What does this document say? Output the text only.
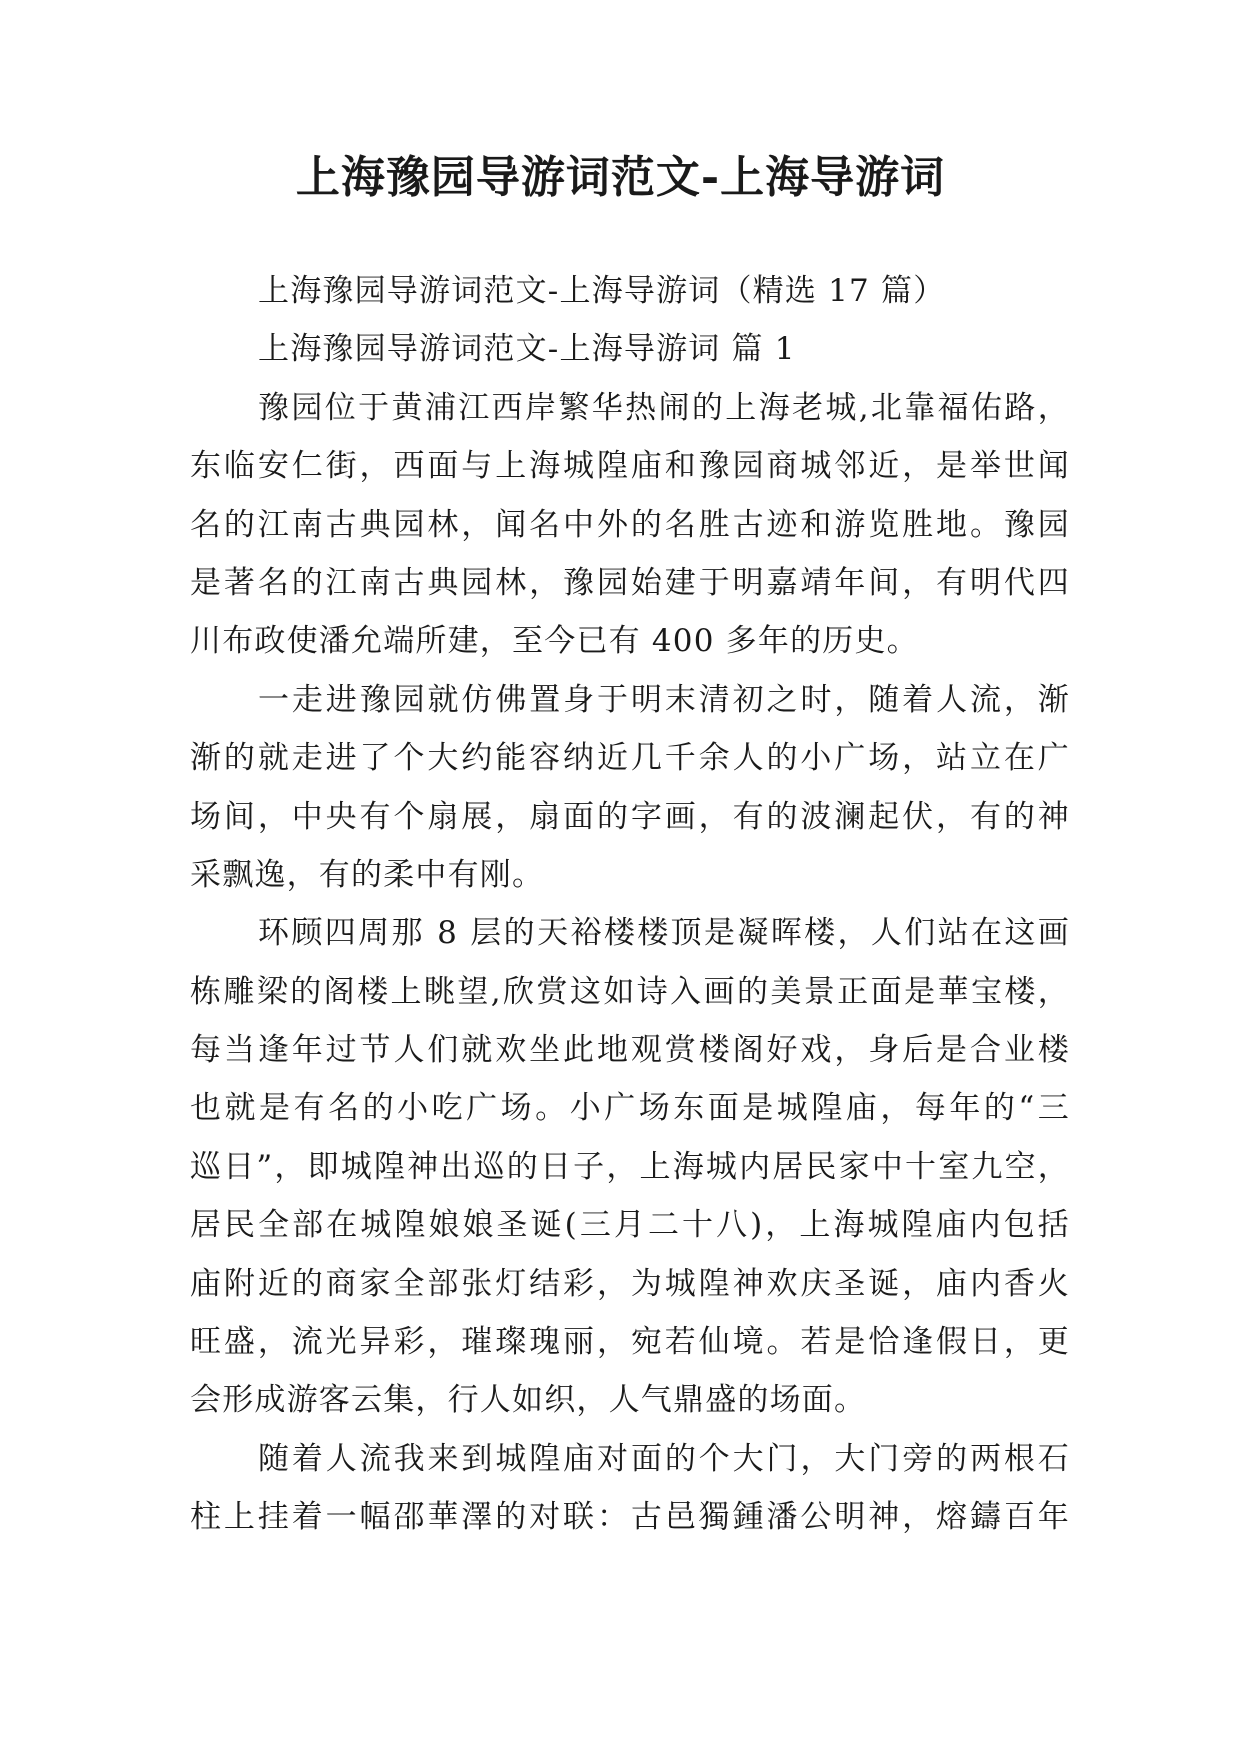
上海豫园导游词范文-上海导游词
上海豫园导游词范文-上海导游词（精选 17 篇）
上海豫园导游词范文-上海导游词 篇 1
豫园位于黄浦江西岸繁华热闹的上海老城,北靠福佑路，
东临安仁街，西面与上海城隍庙和豫园商城邻近，是举世闻
名的江南古典园林，闻名中外的名胜古迹和游览胜地。豫园
是著名的江南古典园林，豫园始建于明嘉靖年间，有明代四
川布政使潘允端所建，至今已有 400 多年的历史。
一走进豫园就仿佛置身于明末清初之时，随着人流，渐
渐的就走进了个大约能容纳近几千余人的小广场，站立在广
场间，中央有个扇展，扇面的字画，有的波澜起伏，有的神
采飘逸，有的柔中有刚。
环顾四周那 8 层的天裕楼楼顶是凝晖楼，人们站在这画
栋雕梁的阁楼上眺望,欣赏这如诗入画的美景正面是華宝楼，
每当逢年过节人们就欢坐此地观赏楼阁好戏，身后是合业楼
也就是有名的小吃广场。小广场东面是城隍庙，每年的“三
巡日”，即城隍神出巡的日子，上海城内居民家中十室九空，
居民全部在城隍娘娘圣诞(三月二十八)，上海城隍庙内包括
庙附近的商家全部张灯结彩，为城隍神欢庆圣诞，庙内香火
旺盛，流光异彩，璀璨瑰丽，宛若仙境。若是恰逢假日，更
会形成游客云集，行人如织，人气鼎盛的场面。
随着人流我来到城隍庙对面的个大门，大门旁的两根石
柱上挂着一幅邵華澤的对联：古邑獨鍾潘公明神，熔鑄百年
